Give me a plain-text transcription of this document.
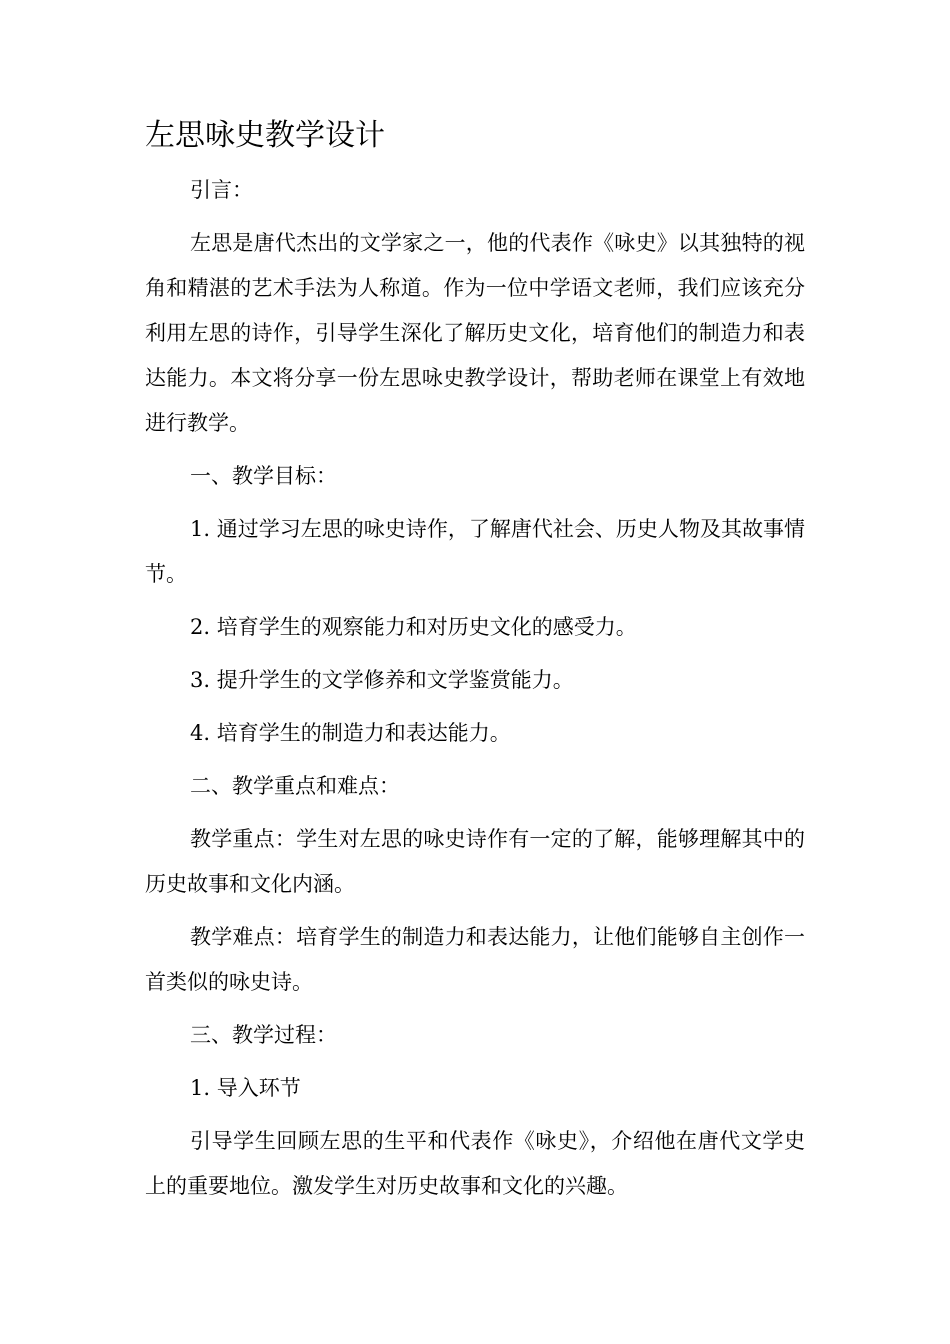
左思咏史教学设计

引言：

左思是唐代杰出的文学家之一，他的代表作《咏史》以其独特的视角和精湛的艺术手法为人称道。作为一位中学语文老师，我们应该充分利用左思的诗作，引导学生深化了解历史文化，培育他们的制造力和表达能力。本文将分享一份左思咏史教学设计，帮助老师在课堂上有效地进行教学。

一、教学目标：

1. 通过学习左思的咏史诗作，了解唐代社会、历史人物及其故事情节。

2. 培育学生的观察能力和对历史文化的感受力。

3. 提升学生的文学修养和文学鉴赏能力。

4. 培育学生的制造力和表达能力。

二、教学重点和难点：

教学重点：学生对左思的咏史诗作有一定的了解，能够理解其中的历史故事和文化内涵。

教学难点：培育学生的制造力和表达能力，让他们能够自主创作一首类似的咏史诗。

三、教学过程：

1. 导入环节

引导学生回顾左思的生平和代表作《咏史》，介绍他在唐代文学史上的重要地位。激发学生对历史故事和文化的兴趣。
